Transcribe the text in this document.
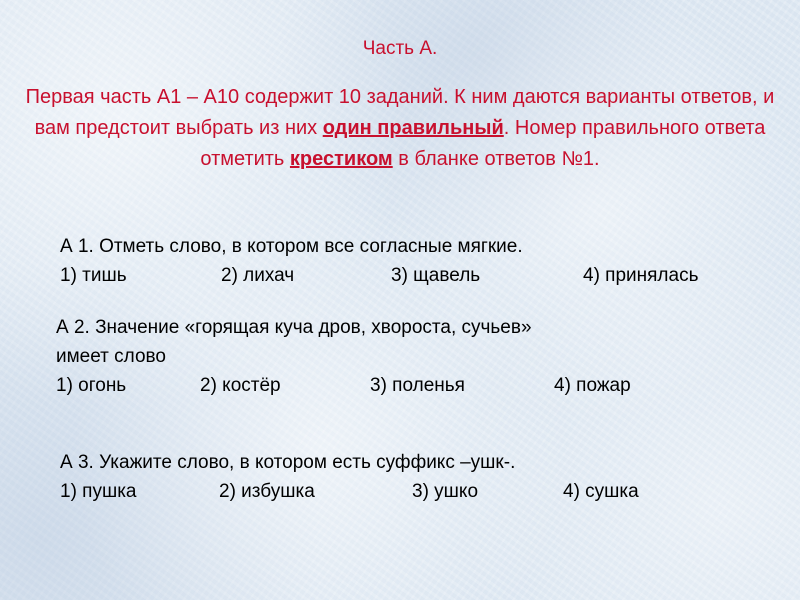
Часть А.
Первая часть А1 – А10 содержит 10 заданий. К ним даются варианты ответов, и вам предстоит выбрать из них один правильный. Номер правильного ответа отметить крестиком в бланке ответов №1.
А 1. Отметь слово, в котором все согласные мягкие.
1) тишь	2) лихач	3) щавель	4) принялась
А 2. Значение «горящая куча дров, хвороста, сучьев»
имеет слово
1) огонь	2) костёр	3) поленья	4) пожар
А 3. Укажите слово, в котором есть суффикс –ушк-.
1) пушка	2) избушка	3) ушко	4) сушка
